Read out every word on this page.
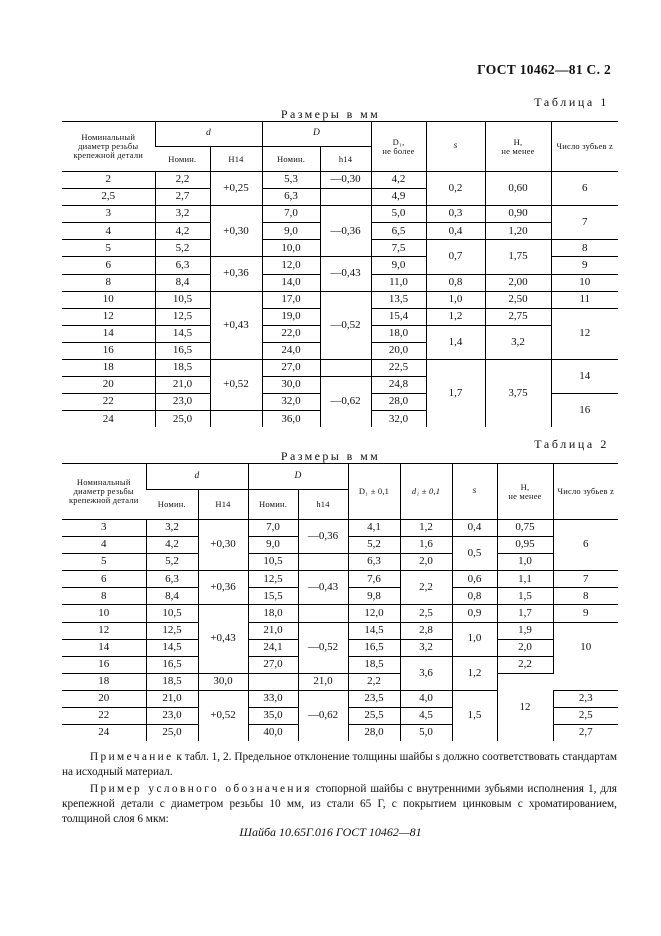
ГОСТ 10462—81 С. 2
Таблица 1
Размеры в мм
Номинальный диаметр резьбы крепежной детали	d		D		D₁,
не более	s	H,
не менее	Число зубьев z
	Номин.	H14	Номин.	h14				
2	2,2	+0,25	5,3	—0,30	4,2	0,2	0,60	6
2,5	2,7		6,3		4,9			
3	3,2	+0,30	7,0	—0,36	5,0	0,3	0,90	7
4	4,2		9,0		6,5	0,4	1,20	
5	5,2		10,0		7,5	0,7	1,75	8
6	6,3	+0,36	12,0	—0,43	9,0			9
8	8,4		14,0		11,0	0,8	2,00	10
10	10,5	+0,43	17,0	—0,52	13,5	1,0	2,50	11
12	12,5		19,0		15,4	1,2	2,75	12
14	14,5		22,0		18,0	1,4	3,2	
16	16,5		24,0		20,0			
18	18,5	+0,52	27,0		22,5	1,7	3,75	14
20	21,0		30,0	—0,62	24,8			
22	23,0		32,0		28,0			16
24	25,0		36,0		32,0			
Таблица 2
Размеры в мм
Номинальный диаметр резьбы крепежной детали	d		D		D₁ ± 0,1	d₁ ± 0,1	s	H,
не менее	Число зубьев z
	Номин.	H14	Номин.	h14					
3	3,2	+0,30	7,0	—0,36	4,1	1,2	0,4	0,75	6
4	4,2		9,0		5,2	1,6	0,5	0,95	
5	5,2		10,5		6,3	2,0		1,0	
6	6,3	+0,36	12,5	—0,43	7,6	2,2	0,6	1,1	7
8	8,4		15,5		9,8		0,8	1,5	8
10	10,5	+0,43	18,0		12,0	2,5	0,9	1,7	9
12	12,5		21,0	—0,52	14,5	2,8	1,0	1,9	10
14	14,5		24,1		16,5	3,2		2,0	
16	16,5		27,0		18,5	3,6	1,2	2,2	
18	18,5	30,0		21,0	2,2			12	
20	21,0	+0,52	33,0	—0,62	23,5	4,0	1,5		2,3
22	23,0		35,0		25,5	4,5			2,5
24	25,0		40,0		28,0	5,0			2,7
Примечание к табл. 1, 2. Предельное отклонение толщины шайбы s должно соответствовать стандартам на исходный материал.
Пример условного обозначения стопорной шайбы с внутренними зубьями исполнения 1, для крепежной детали с диаметром резьбы 10 мм, из стали 65 Г, с покрытием цинковым с хроматированием, толщиной слоя 6 мкм:
Шайба 10.65Г.016 ГОСТ 10462—81
